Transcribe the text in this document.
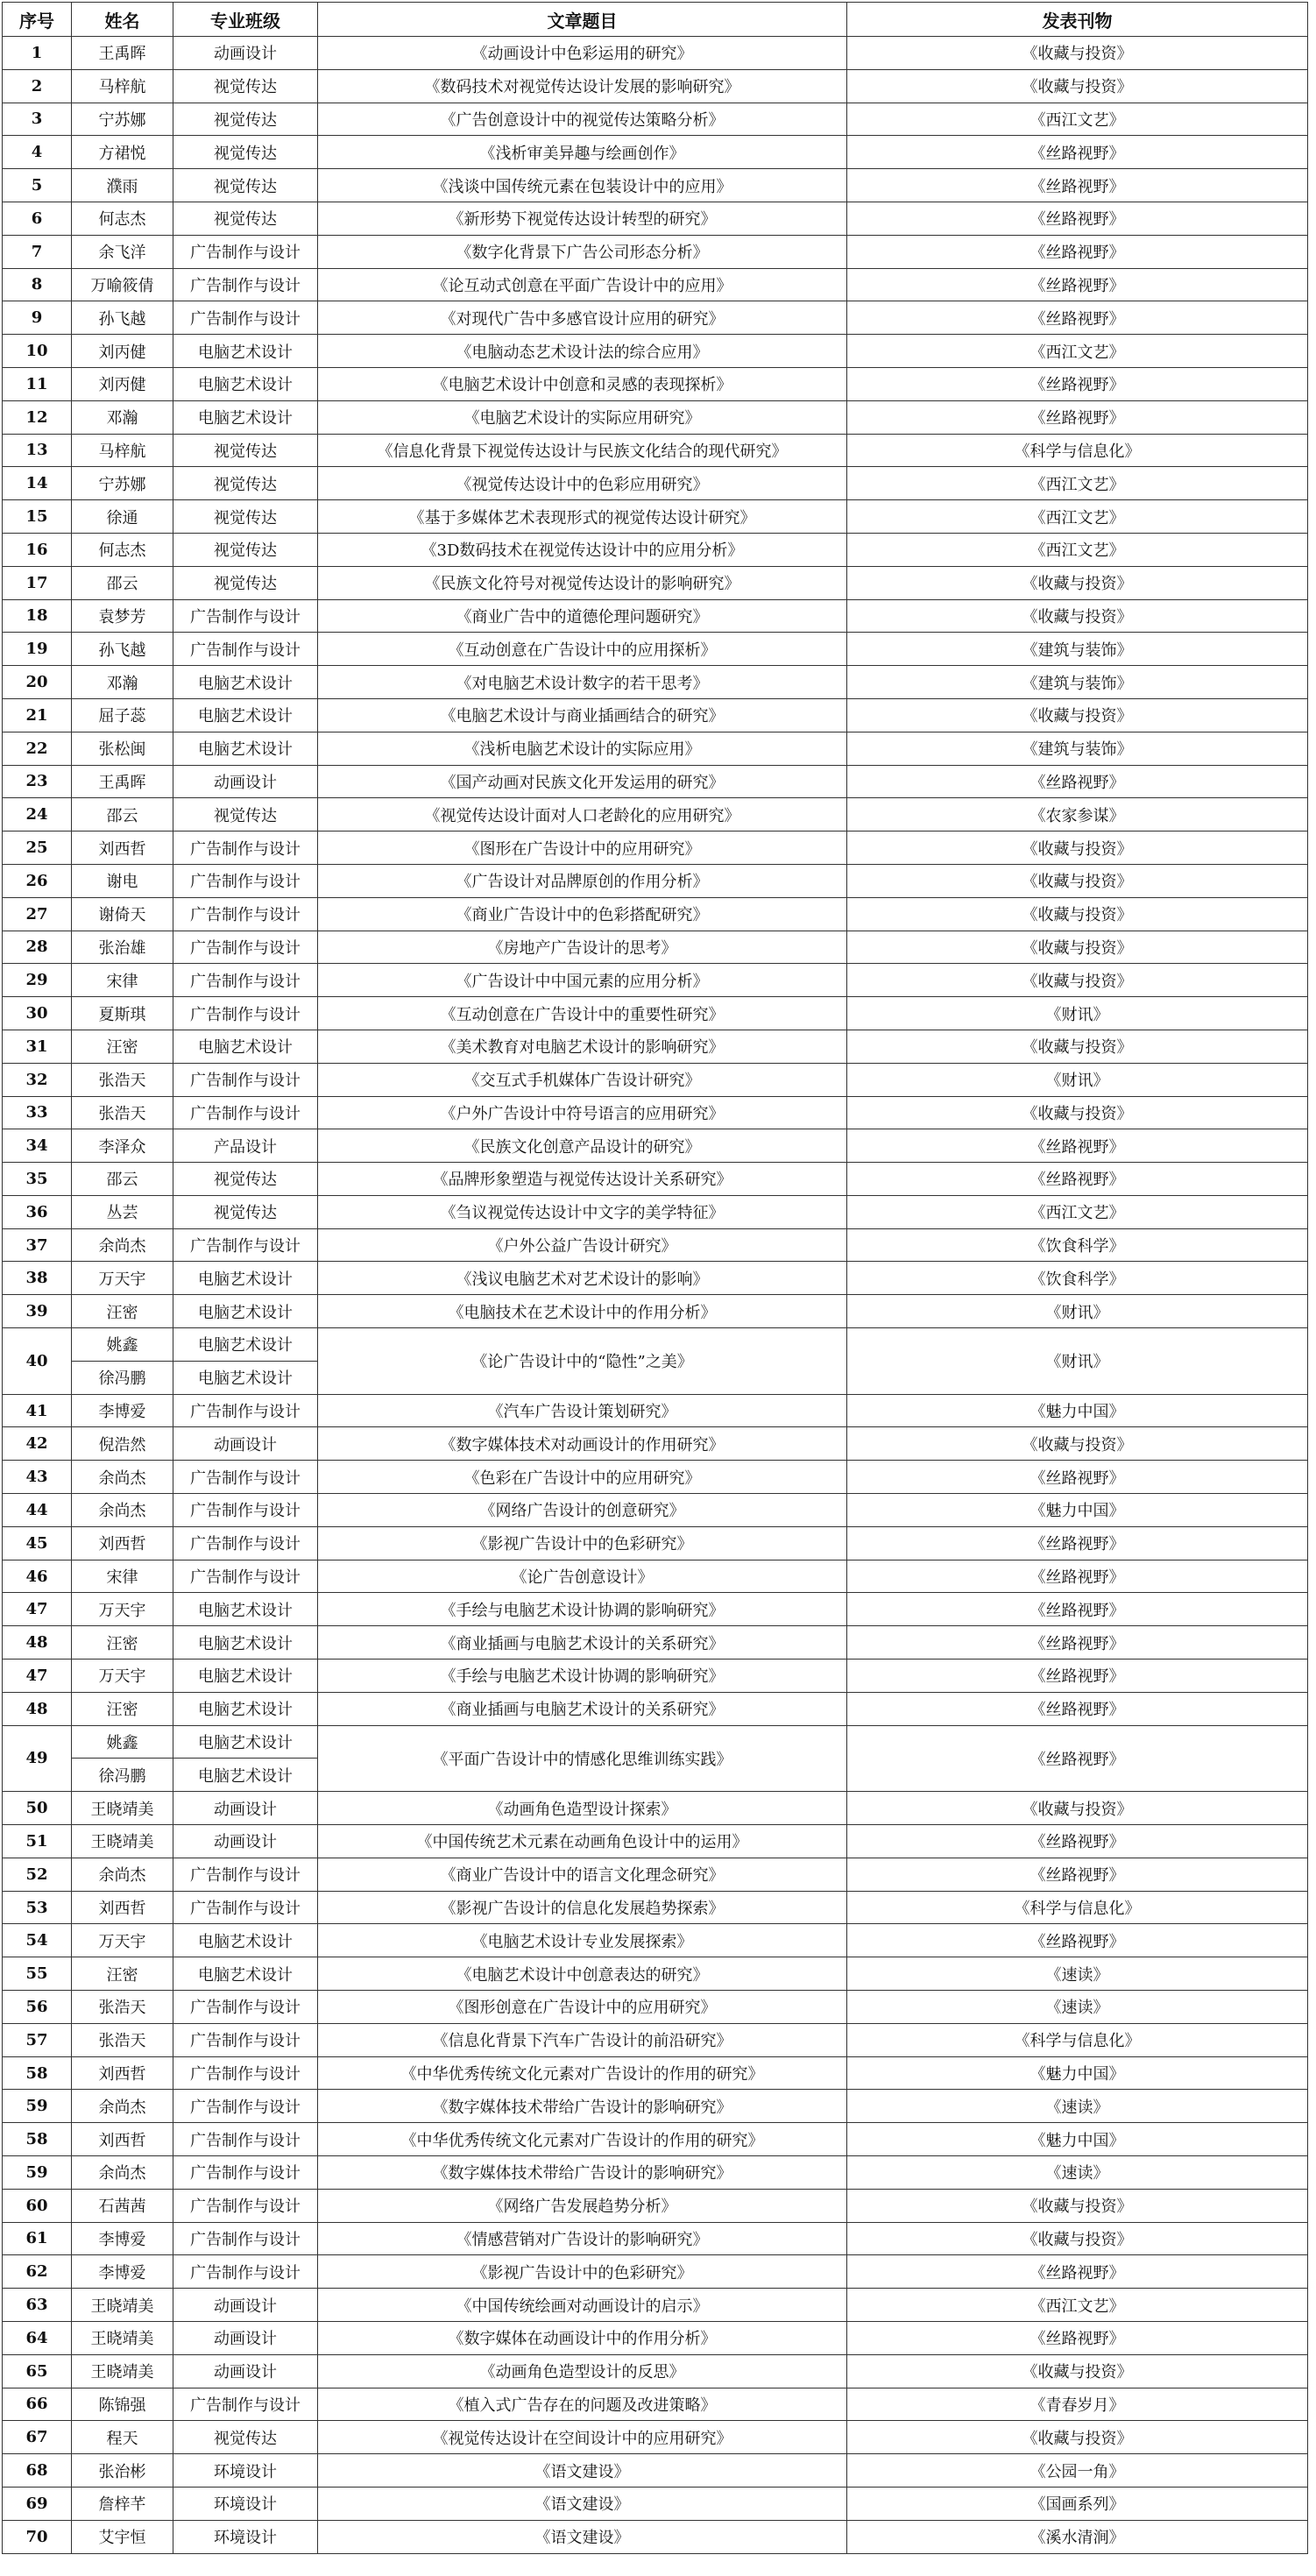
序号	姓名	专业班级	文章题目	发表刊物
1	王禹晖	动画设计	《动画设计中色彩运用的研究》	《收藏与投资》
2	马梓航	视觉传达	《数码技术对视觉传达设计发展的影响研究》	《收藏与投资》
3	宁苏娜	视觉传达	《广告创意设计中的视觉传达策略分析》	《西江文艺》
4	方裙悦	视觉传达	《浅析审美异趣与绘画创作》	《丝路视野》
5	濮雨	视觉传达	《浅谈中国传统元素在包装设计中的应用》	《丝路视野》
6	何志杰	视觉传达	《新形势下视觉传达设计转型的研究》	《丝路视野》
7	余飞洋	广告制作与设计	《数字化背景下广告公司形态分析》	《丝路视野》
8	万喻筱倩	广告制作与设计	《论互动式创意在平面广告设计中的应用》	《丝路视野》
9	孙飞越	广告制作与设计	《对现代广告中多感官设计应用的研究》	《丝路视野》
10	刘丙健	电脑艺术设计	《电脑动态艺术设计法的综合应用》	《西江文艺》
11	刘丙健	电脑艺术设计	《电脑艺术设计中创意和灵感的表现探析》	《丝路视野》
12	邓瀚	电脑艺术设计	《电脑艺术设计的实际应用研究》	《丝路视野》
13	马梓航	视觉传达	《信息化背景下视觉传达设计与民族文化结合的现代研究》	《科学与信息化》
14	宁苏娜	视觉传达	《视觉传达设计中的色彩应用研究》	《西江文艺》
15	徐通	视觉传达	《基于多媒体艺术表现形式的视觉传达设计研究》	《西江文艺》
16	何志杰	视觉传达	《3D数码技术在视觉传达设计中的应用分析》	《西江文艺》
17	邵云	视觉传达	《民族文化符号对视觉传达设计的影响研究》	《收藏与投资》
18	袁梦芳	广告制作与设计	《商业广告中的道德伦理问题研究》	《收藏与投资》
19	孙飞越	广告制作与设计	《互动创意在广告设计中的应用探析》	《建筑与装饰》
20	邓瀚	电脑艺术设计	《对电脑艺术设计数字的若干思考》	《建筑与装饰》
21	屈子蕊	电脑艺术设计	《电脑艺术设计与商业插画结合的研究》	《收藏与投资》
22	张松闽	电脑艺术设计	《浅析电脑艺术设计的实际应用》	《建筑与装饰》
23	王禹晖	动画设计	《国产动画对民族文化开发运用的研究》	《丝路视野》
24	邵云	视觉传达	《视觉传达设计面对人口老龄化的应用研究》	《农家参谋》
25	刘西哲	广告制作与设计	《图形在广告设计中的应用研究》	《收藏与投资》
26	谢电	广告制作与设计	《广告设计对品牌原创的作用分析》	《收藏与投资》
27	谢倚天	广告制作与设计	《商业广告设计中的色彩搭配研究》	《收藏与投资》
28	张治雄	广告制作与设计	《房地产广告设计的思考》	《收藏与投资》
29	宋律	广告制作与设计	《广告设计中中国元素的应用分析》	《收藏与投资》
30	夏斯琪	广告制作与设计	《互动创意在广告设计中的重要性研究》	《财讯》
31	汪密	电脑艺术设计	《美术教育对电脑艺术设计的影响研究》	《收藏与投资》
32	张浩天	广告制作与设计	《交互式手机媒体广告设计研究》	《财讯》
33	张浩天	广告制作与设计	《户外广告设计中符号语言的应用研究》	《收藏与投资》
34	李泽众	产品设计	《民族文化创意产品设计的研究》	《丝路视野》
35	邵云	视觉传达	《品牌形象塑造与视觉传达设计关系研究》	《丝路视野》
36	丛芸	视觉传达	《刍议视觉传达设计中文字的美学特征》	《西江文艺》
37	余尚杰	广告制作与设计	《户外公益广告设计研究》	《饮食科学》
38	万天宇	电脑艺术设计	《浅议电脑艺术对艺术设计的影响》	《饮食科学》
39	汪密	电脑艺术设计	《电脑技术在艺术设计中的作用分析》	《财讯》
40	姚鑫	电脑艺术设计	《论广告设计中的“隐性”之美》	《财讯》
	徐冯鹏	电脑艺术设计		
41	李博爱	广告制作与设计	《汽车广告设计策划研究》	《魅力中国》
42	倪浩然	动画设计	《数字媒体技术对动画设计的作用研究》	《收藏与投资》
43	余尚杰	广告制作与设计	《色彩在广告设计中的应用研究》	《丝路视野》
44	余尚杰	广告制作与设计	《网络广告设计的创意研究》	《魅力中国》
45	刘西哲	广告制作与设计	《影视广告设计中的色彩研究》	《丝路视野》
46	宋律	广告制作与设计	《论广告创意设计》	《丝路视野》
47	万天宇	电脑艺术设计	《手绘与电脑艺术设计协调的影响研究》	《丝路视野》
48	汪密	电脑艺术设计	《商业插画与电脑艺术设计的关系研究》	《丝路视野》
47	万天宇	电脑艺术设计	《手绘与电脑艺术设计协调的影响研究》	《丝路视野》
48	汪密	电脑艺术设计	《商业插画与电脑艺术设计的关系研究》	《丝路视野》
49	姚鑫	电脑艺术设计	《平面广告设计中的情感化思维训练实践》	《丝路视野》
	徐冯鹏	电脑艺术设计		
50	王晓靖美	动画设计	《动画角色造型设计探索》	《收藏与投资》
51	王晓靖美	动画设计	《中国传统艺术元素在动画角色设计中的运用》	《丝路视野》
52	余尚杰	广告制作与设计	《商业广告设计中的语言文化理念研究》	《丝路视野》
53	刘西哲	广告制作与设计	《影视广告设计的信息化发展趋势探索》	《科学与信息化》
54	万天宇	电脑艺术设计	《电脑艺术设计专业发展探索》	《丝路视野》
55	汪密	电脑艺术设计	《电脑艺术设计中创意表达的研究》	《速读》
56	张浩天	广告制作与设计	《图形创意在广告设计中的应用研究》	《速读》
57	张浩天	广告制作与设计	《信息化背景下汽车广告设计的前沿研究》	《科学与信息化》
58	刘西哲	广告制作与设计	《中华优秀传统文化元素对广告设计的作用的研究》	《魅力中国》
59	余尚杰	广告制作与设计	《数字媒体技术带给广告设计的影响研究》	《速读》
58	刘西哲	广告制作与设计	《中华优秀传统文化元素对广告设计的作用的研究》	《魅力中国》
59	余尚杰	广告制作与设计	《数字媒体技术带给广告设计的影响研究》	《速读》
60	石茜茜	广告制作与设计	《网络广告发展趋势分析》	《收藏与投资》
61	李博爱	广告制作与设计	《情感营销对广告设计的影响研究》	《收藏与投资》
62	李博爱	广告制作与设计	《影视广告设计中的色彩研究》	《丝路视野》
63	王晓靖美	动画设计	《中国传统绘画对动画设计的启示》	《西江文艺》
64	王晓靖美	动画设计	《数字媒体在动画设计中的作用分析》	《丝路视野》
65	王晓靖美	动画设计	《动画角色造型设计的反思》	《收藏与投资》
66	陈锦强	广告制作与设计	《植入式广告存在的问题及改进策略》	《青春岁月》
67	程天	视觉传达	《视觉传达设计在空间设计中的应用研究》	《收藏与投资》
68	张治彬	环境设计	《语文建设》	《公园一角》
69	詹梓芊	环境设计	《语文建设》	《国画系列》
70	艾宇恒	环境设计	《语文建设》	《溪水清涧》
